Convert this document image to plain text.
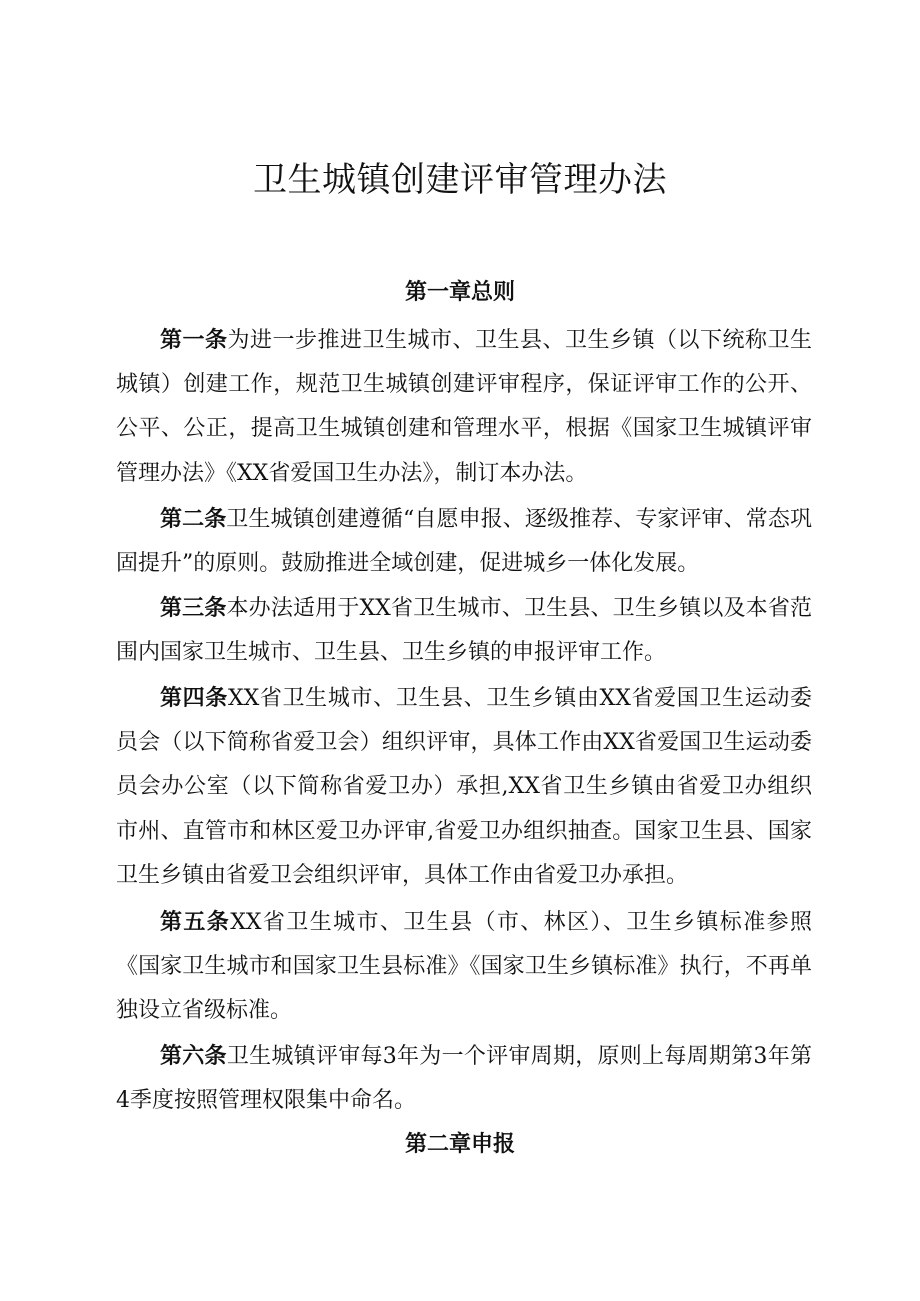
卫生城镇创建评审管理办法
第一章总则

第一条为进一步推进卫生城市、卫生县、卫生乡镇（以下统称卫生城镇）创建工作，规范卫生城镇创建评审程序，保证评审工作的公开、公平、公正，提高卫生城镇创建和管理水平，根据《国家卫生城镇评审管理办法》《XX省爱国卫生办法》，制订本办法。

第二条卫生城镇创建遵循“自愿申报、逐级推荐、专家评审、常态巩固提升”的原则。鼓励推进全域创建，促进城乡一体化发展。

第三条本办法适用于XX省卫生城市、卫生县、卫生乡镇以及本省范围内国家卫生城市、卫生县、卫生乡镇的申报评审工作。

第四条XX省卫生城市、卫生县、卫生乡镇由XX省爱国卫生运动委员会（以下简称省爱卫会）组织评审，具体工作由XX省爱国卫生运动委员会办公室（以下简称省爱卫办）承担,XX省卫生乡镇由省爱卫办组织市州、直管市和林区爱卫办评审,省爱卫办组织抽查。国家卫生县、国家卫生乡镇由省爱卫会组织评审，具体工作由省爱卫办承担。

第五条XX省卫生城市、卫生县（市、林区）、卫生乡镇标准参照《国家卫生城市和国家卫生县标准》《国家卫生乡镇标准》执行，不再单独设立省级标准。

第六条卫生城镇评审每3年为一个评审周期，原则上每周期第3年第4季度按照管理权限集中命名。

第二章申报
